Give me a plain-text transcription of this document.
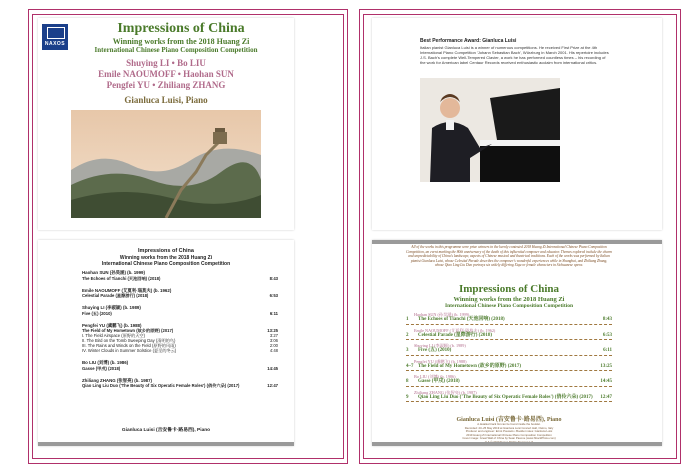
NAXOS
Impressions of China
Winning works from the 2018 Huang Zi
International Chinese Piano Composition Competition
Shuying LI • Bo LIU
Emile NAOUMOFF • Haohan SUN
Pengfei YU • Zhiliang ZHANG
Gianluca Luisi, Piano
Impressions of China
Winning works from the 2018 Huang Zi
International Chinese Piano Composition Competition
Haohan SUN (孙昊涵) (b. 1999)
The Echoes of Tianchi (天池回响) (2018)	8:43
Emile NAOUMOFF (艾夏利·瑙莫夫) (b. 1962)
Celestial Parade (星際游行) (2018)	6:53
Shuying LI (李淑颖) (b. 1989)
Five (五) (2010)	6:11
Pengfei YU (虞鹏飞) (b. 1988)
The Field of My Hometown (故乡的原野) (2017)	13:25
I. The Field Airspace (原野的天空)	3:27
II. The Bird on the Tomb Sweeping Day (清明的鸟)	3:06
III. The Rains and Winds on the Field (原野的风雨)	2:00
IV. Winter Clouds in Summer Solstice (夏至的冬云)	4:48
Bo LIU (刘博) (b. 1986)
Gasse (甲戌) (2018)	14:45
Zhiliang ZHANG (张智亮) (b. 1987)
Qiao Ling Liu Duo ('The Beauty of Six Operatic Female Roles') (俏伶六朵) (2017)	12:47
Gianluca Luisi (吉安鲁卡·路易西), Piano
Best Performance Award: Gianluca Luisi
Italian pianist Gianluca Luisi is a winner of numerous competitions. He received First Prize at the 4th International Piano Competition 'Johann Sebastian Bach', Würzburg in March 2001. His repertoire includes J.S. Bach's complete Well-Tempered Clavier, a work he has performed countless times – his recording of the work for American label Centaur Records received enthusiastic acclaim from international critics.
All of the works in this programme were prize winners in the keenly contested 2018 Huang Zi International Chinese Piano Composition Competition, an event marking the 80th anniversary of the death of this influential composer and educator. Themes explored include the charm and unpredictability of China's landscape, aspects of Chinese musical and theatrical traditions. Each of the works was performed by Italian pianist Gianluca Luisi, whose Celestial Parade describes the composer's wonderful experiences while in Shanghai, and Zhiliang Zhang, whose Qiao Ling Liu Duo portrays six widely differing Xiqu or female characters in Sichuanese opera.
Impressions of China
Winning works from the 2018 Huang Zi
International Chinese Piano Composition Competition
Haohan SUN (孙昊涵) (b. 1999)
1 The Echoes of Tianchi (天池回响) (2018)	8:43
Emile NAOUMOFF (艾夏利·瑙莫夫) (b. 1962)
2 Celestial Parade (星際游行) (2018)	6:53
Shuying LI (李淑颖) (b. 1989)
3 Five (五) (2010)	6:11
Pengfei YU (虞鹏飞) (b. 1988)
4–7 The Field of My Hometown (故乡的原野) (2017)	13:25
Bo LIU (刘博) (b. 1986)
8 Gasse (甲戌) (2018)	14:45
Zhiliang ZHANG (张智亮) (b. 1987)
9 Qiao Ling Liu Duo ('The Beauty of Six Operatic Female Roles') (俏伶六朵) (2017) 12:47
Gianluca Luisi (吉安鲁卡·路易西), Piano
A detailed track list can be found inside the booklet.
Recorded: 23–25 May 2019 at Gianluca Luisi Concert Hall, Osimo, Italy
Producer and engineer: Ernst Pouwels • Booklet notes: Gianluca Luisi
2019 Huang Zi International Chinese Piano Composition Competition
Cover image: Great Wall of China by Sean Pavone (www.iStockPhoto.com)
